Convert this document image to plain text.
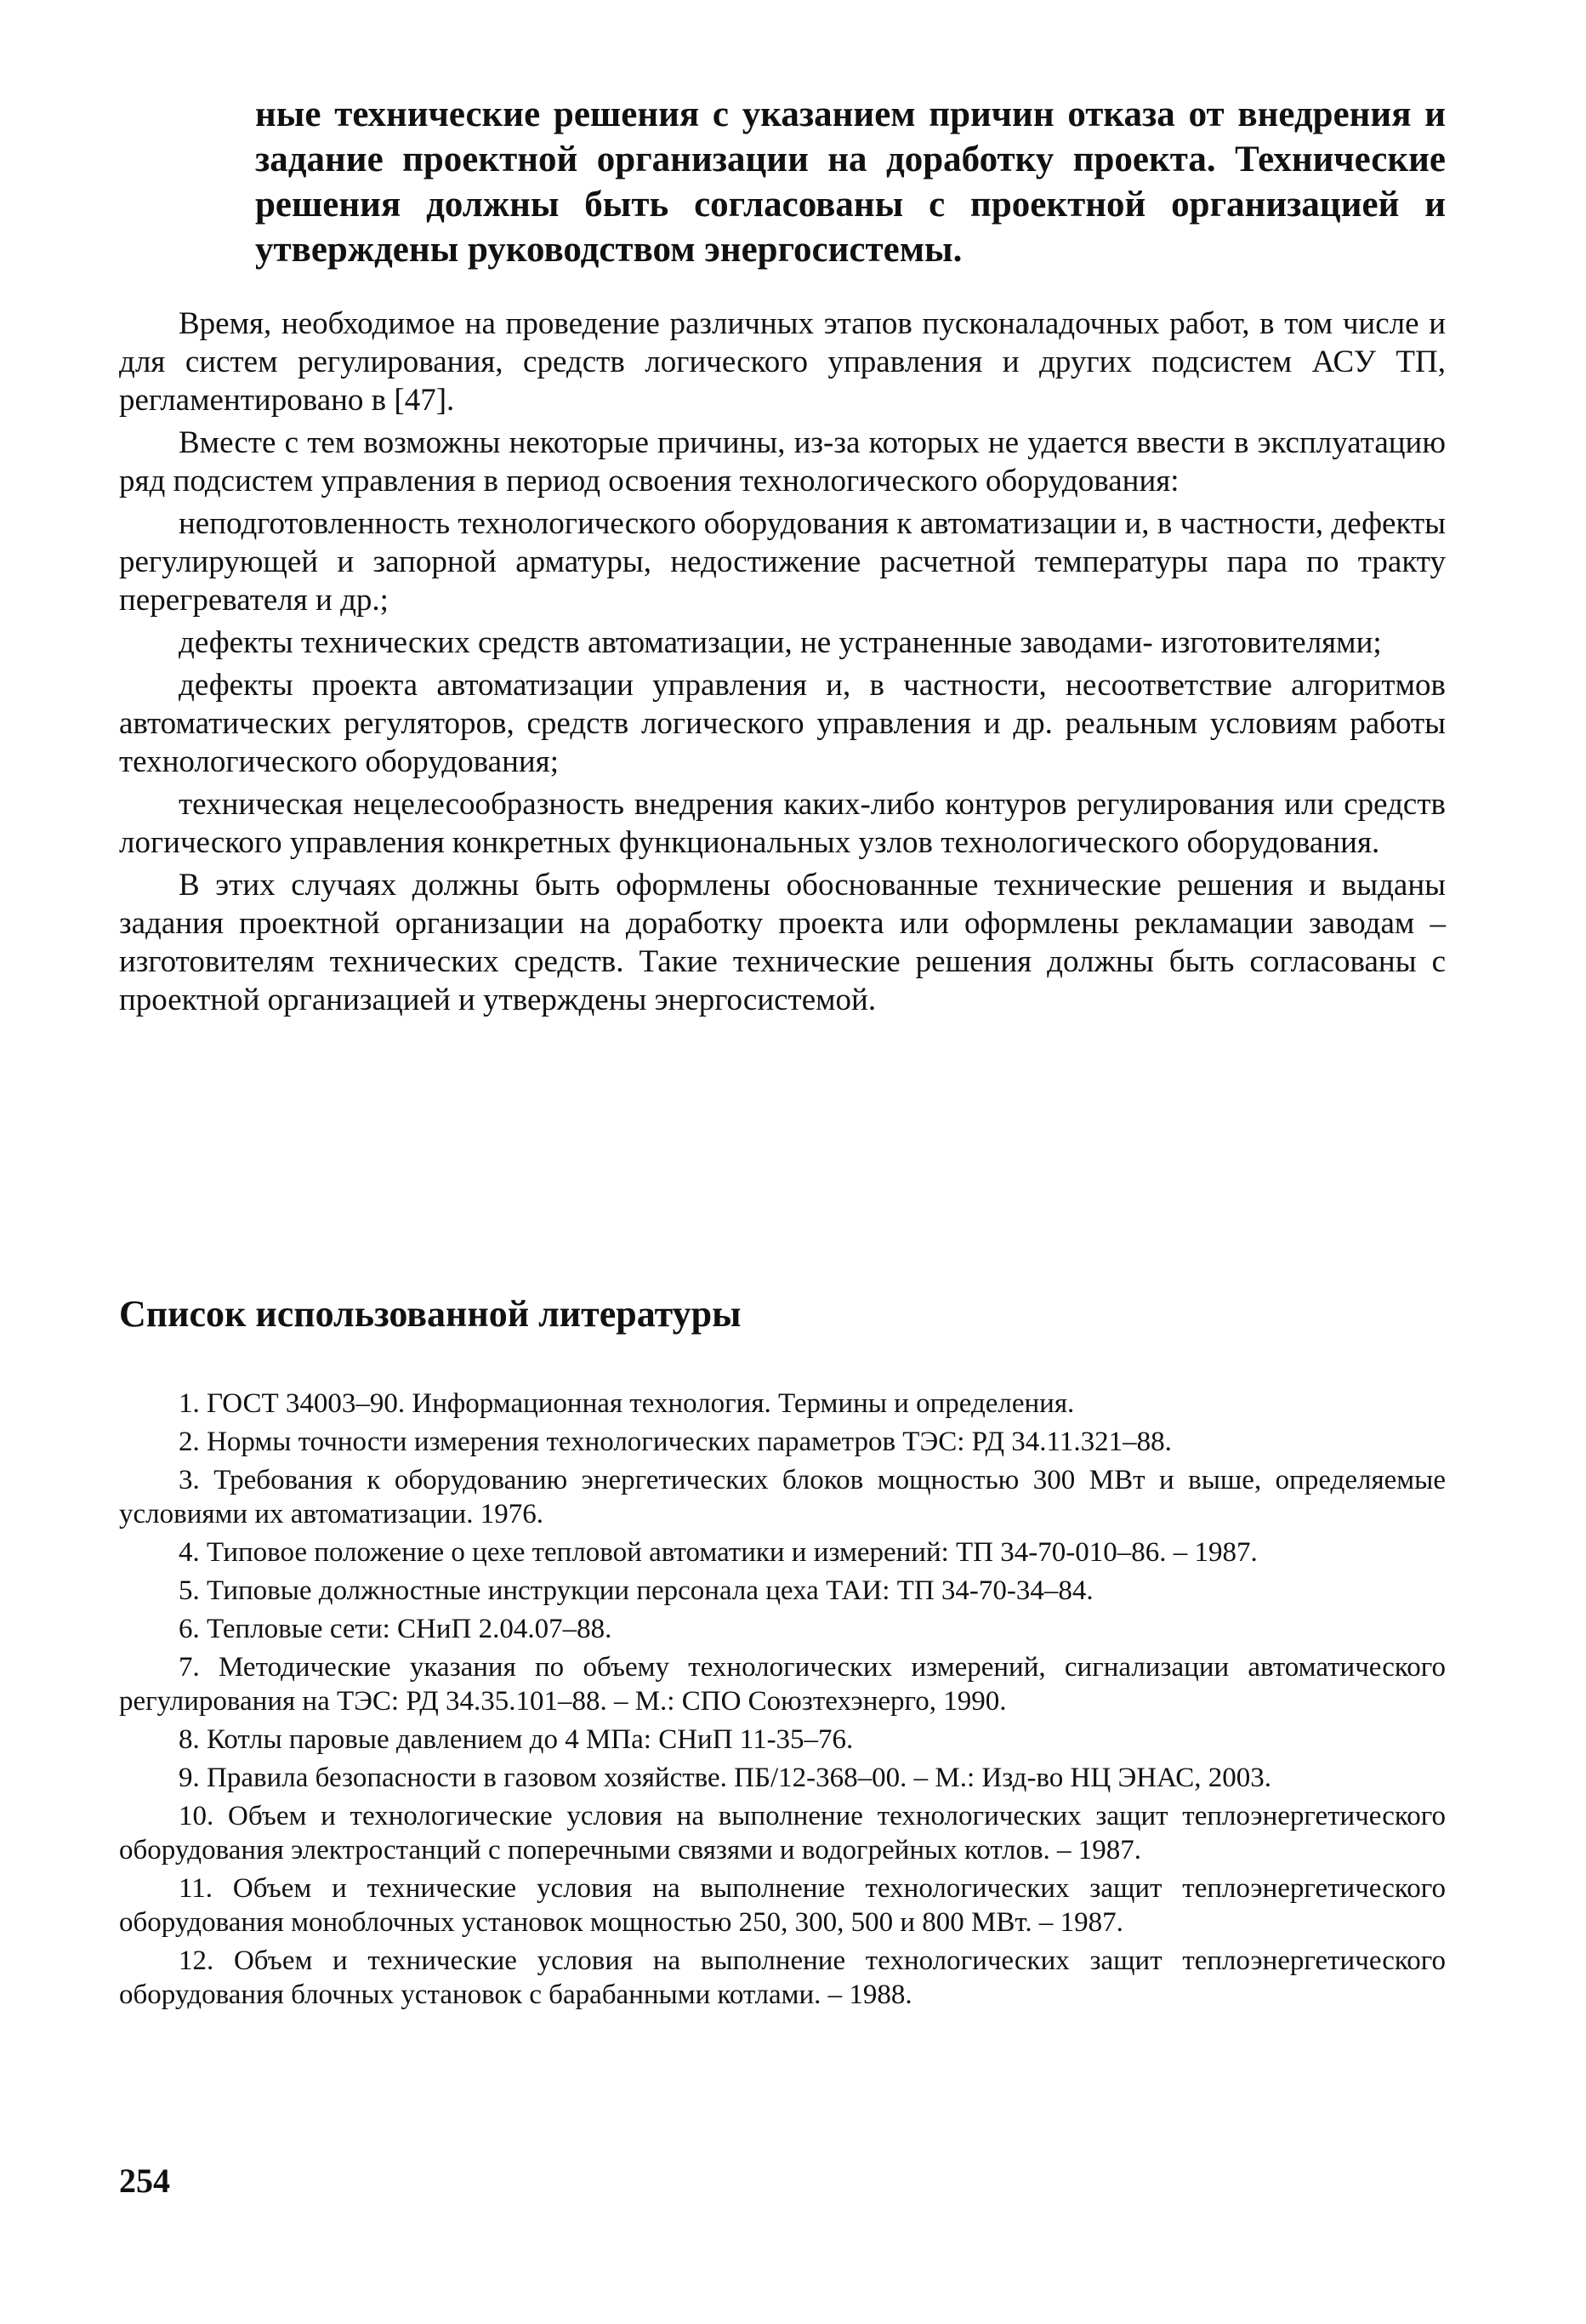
ные технические решения с указанием причин отказа от внедрения и задание проектной организации на доработку проекта. Технические решения должны быть согласованы с проектной организацией и утверждены руководством энергосистемы.

Время, необходимое на проведение различных этапов пусконаладочных работ, в том числе и для систем регулирования, средств логического управления и других подсистем АСУ ТП, регламентировано в [47].

Вместе с тем возможны некоторые причины, из-за которых не удается ввести в эксплуатацию ряд подсистем управления в период освоения технологического оборудования:

неподготовленность технологического оборудования к автоматизации и, в частности, дефекты регулирующей и запорной арматуры, недостижение расчетной температуры пара по тракту перегревателя и др.;

дефекты технических средств автоматизации, не устраненные заводами- изготовителями;

дефекты проекта автоматизации управления и, в частности, несоответствие алгоритмов автоматических регуляторов, средств логического управления и др. реальным условиям работы технологического оборудования;

техническая нецелесообразность внедрения каких-либо контуров регулирования или средств логического управления конкретных функциональных узлов технологического оборудования.

В этих случаях должны быть оформлены обоснованные технические решения и выданы задания проектной организации на доработку проекта или оформлены рекламации заводам – изготовителям технических средств. Такие технические решения должны быть согласованы с проектной организацией и утверждены энергосистемой.

Список использованной литературы

1. ГОСТ 34003–90. Информационная технология. Термины и определения.

2. Нормы точности измерения технологических параметров ТЭС: РД 34.11.321–88.

3. Требования к оборудованию энергетических блоков мощностью 300 МВт и выше, определяемые условиями их автоматизации. 1976.

4. Типовое положение о цехе тепловой автоматики и измерений: ТП 34-70-010–86. – 1987.

5. Типовые должностные инструкции персонала цеха ТАИ: ТП 34-70-34–84.

6. Тепловые сети: СНиП 2.04.07–88.

7. Методические указания по объему технологических измерений, сигнализации автоматического регулирования на ТЭС: РД 34.35.101–88. – М.: СПО Союзтехэнерго, 1990.

8. Котлы паровые давлением до 4 МПа: СНиП 11-35–76.

9. Правила безопасности в газовом хозяйстве. ПБ/12-368–00. – М.: Изд-во НЦ ЭНАС, 2003.

10. Объем и технологические условия на выполнение технологических защит теплоэнергетического оборудования электростанций с поперечными связями и водогрейных котлов. – 1987.

11. Объем и технические условия на выполнение технологических защит теплоэнергетического оборудования моноблочных установок мощностью 250, 300, 500 и 800 МВт. – 1987.

12. Объем и технические условия на выполнение технологических защит теплоэнергетического оборудования блочных установок с барабанными котлами. – 1988.

254
